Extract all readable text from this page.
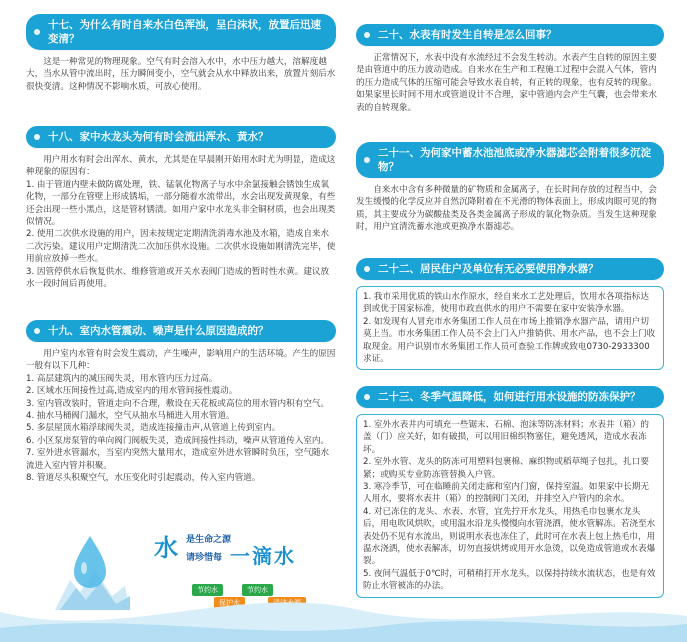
十七、为什么有时自来水白色浑浊，呈白沫状，放置后迅速变清？

这是一种常见的物理现象。空气有时会溶入水中，水中压力越大，溶解度越大，当水从管中流出时，压力瞬间变小，空气就会从水中释放出来，放置片刻后水很快变清。这种情况不影响水质，可放心使用。

十八、家中水龙头为何有时会流出浑水、黄水？

用户用水有时会出浑水、黄水，尤其是在早晨刚开始用水时尤为明显，造成这种现象的原因有：

1. 由于管道内壁未做防腐处理，铁、锰氧化物离子与水中余氯接触会锈蚀生成氧化物，一部分在管壁上形成锈垢，一部分随着水流带出，水会出现发黄现象，有些还会出现一些小黑点，这是管材锈渍。如用户家中水龙头非全铜材质，也会出现类似情况。
2. 使用二次供水设施的用户，因未按规定定期清洗消毒水池及水箱，造成自来水二次污染。建议用户定期清洗二次加压供水设施。二次供水设施如刚清洗完毕，使用前应放掉一些水。
3. 因管停供水后恢复供水、维修管道或开关水表阀门造成的暂时性水黄。建议放水一段时间后再使用。
十九、室内水管震动、噪声是什么原因造成的？

用户室内水管有时会发生震动，产生噪声，影响用户的生活环境。产生的原因一般有以下几种：

1. 高层建筑内的减压阀失灵，用水管内压力过高。
2. 区域水压间接性过高,造成室内的用水管间接性震动。
3. 室内管改装时，管道走向不合理，敷设在天花板或高位的用水管内积有空气。
4. 抽水马桶阀门漏水，空气从抽水马桶进入用水管道。
5. 多层屋顶水箱浮球阀失灵，造成连接撞击声,从管道上传到室内。
6. 小区泵房泵管的单向阀门阀板失灵，造成间接性抖动，噪声从管道传入室内。
7. 室外进水管漏水，当室内突然大量用水，造成室外进水管瞬时负压，空气随水流进入室内管并积聚。
8. 管道尽头积聚空气，水压变化时引起震动，传入室内管道。
水 是生命之源
请珍惜每 一滴水
节约水	节约水
保护水
二十、水表有时发生自转是怎么回事？

正常情况下，水表中没有水流经过不会发生转动。水表产生自转的原因主要是由管道中的压力波动造成。自来水在生产和工程施工过程中会混入气体，管内的压力造成气体的压缩可能会导致水表自转，有正转的现象，也有反转的现象。如果家里长时间不用水或管道设计不合理，家中管道内会产生气囊，也会带来水表的自转现象。

二十一、为何家中蓄水池池底或净水器滤芯会附着很多沉淀物？

自来水中含有多种微量的矿物质和金属离子，在长时间存放的过程当中，会发生缓慢的化学反应并自然沉降附着在不光滑的物体表面上，形成肉眼可见的物质，其主要成分为碳酸盐类及各类金属离子形成的氧化物杂质。当发生这种现象时，用户宜清洗蓄水池或更换净水器滤芯。

二十二、居民住户及单位有无必要使用净水器？
1. 我市采用优质的铁山水作原水，经自来水工艺处理后，饮用水各项指标达到或优于国家标准，使用市政直供水的用户不需要在家中安装净水器。
2. 如发现有人冒充市水务集团工作人员在市场上推销净水器产品，请用户切莫上当。市水务集团工作人员不会上门入户推销供、用水产品，也不会上门收取现金。用户识别市水务集团工作人员可查验工作牌或致电0730-2933300求证。
二十三、冬季气温降低，如何进行用水设施的防冻保护？
1. 室外水表井内可填充一些锯末、石棉、泡沫等防冻材料；水表井（箱）的盖（门）应关好，如有破损，可以用旧棉织物塞住，避免透风，造成水表冻坏。
2. 室外水管、龙头的防冻可用塑料包裹棉、麻织物或稻草绳子包扎，扎口要紧；或购买专业防冻管替换入户管。
3. 寒冷季节，可在临睡前关闭走廊和室内门窗，保持室温。如果家中长期无人用水，要将水表井（箱）的控制阀门关闭，并排空入户管内的余水。
4. 对已冻住的龙头、水表、水管，宜先拧开水龙头，用热毛巾包裹水龙头后，用电吹风烘吹，或用温水沿龙头慢慢向水管浇洒，使水管解冻。若浇至水表处仍不见有水流出，则说明水表也冻住了，此时可在水表上包上热毛巾，用温水浇洒，使水表解冻，切勿直接烘烤或用开水急烫，以免造成管道或水表爆裂。
5. 夜间气温低于0℃时，可稍稍打开水龙头，以保持持续水流状态，也是有效防止水管被冻的办法。
